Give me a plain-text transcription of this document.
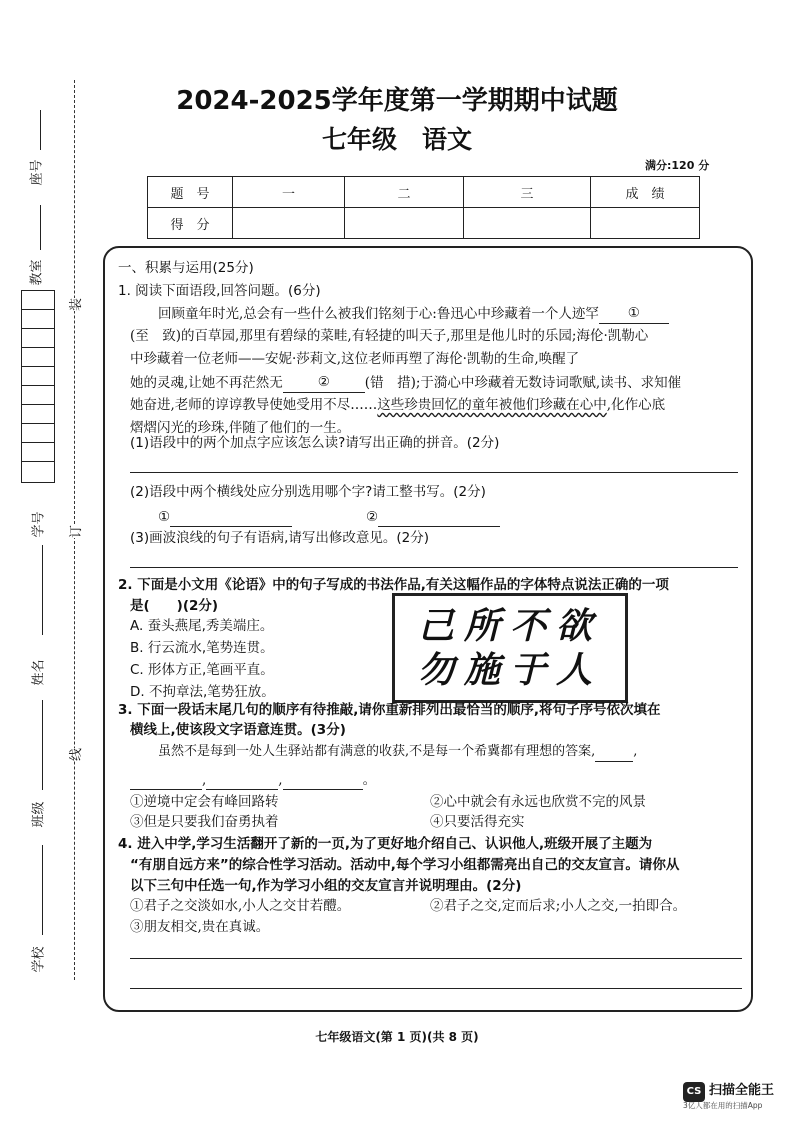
座号
教室
学号
姓名
班级
学校
装
订
线
2024-2025学年度第一学期期中试题
七年级　语文
满分:120 分
题　号	一	二	三	成　绩
得　分				
一、积累与运用(25分)
1. 阅读下面语段,回答问题。(6分)
回顾童年时光,总会有一些什么被我们铭刻于心:鲁迅心中珍藏着一个人迹罕 ①
(至　致)的百草园,那里有碧绿的菜畦,有轻捷的叫天子,那里是他儿时的乐园;海伦·凯勒心
中珍藏着一位老师——安妮·莎莉文,这位老师再塑了海伦·凯勒的生命,唤醒了
她的灵魂,让她不再茫然无	②	(错　措);于漪心中珍藏着无数诗词歌赋,读书、求知催
她奋进,老师的谆谆教导使她受用不尽……这些珍贵回忆的童年被他们珍藏在心中,化作心底
熠熠闪光的珍珠,伴随了他们的一生。
(1)语段中的两个加点字应该怎么读?请写出正确的拼音。(2分)
(2)语段中两个横线处应分别选用哪个字?请工整书写。(2分)
①	②
(3)画波浪线的句子有语病,请写出修改意见。(2分)
2. 下面是小文用《论语》中的句子写成的书法作品,有关这幅作品的字体特点说法正确的一项
是(　　)(2分)
A. 蚕头燕尾,秀美端庄。
B. 行云流水,笔势连贯。
C. 形体方正,笔画平直。
D. 不拘章法,笔势狂放。
己所不欲
勿施于人
3. 下面一段话末尾几句的顺序有待推敲,请你重新排列出最恰当的顺序,将句子序号依次填在
横线上,使该段文字语意连贯。(3分)
虽然不是每到一处人生驿站都有满意的收获,不是每一个希冀都有理想的答案,	,
,	,	。
①逆境中定会有峰回路转	②心中就会有永远也欣赏不完的风景
③但是只要我们奋勇执着	④只要活得充实
4. 进入中学,学习生活翻开了新的一页,为了更好地介绍自己、认识他人,班级开展了主题为
“有朋自远方来”的综合性学习活动。活动中,每个学习小组都需亮出自己的交友宣言。请你从
以下三句中任选一句,作为学习小组的交友宣言并说明理由。(2分)
①君子之交淡如水,小人之交甘若醴。	②君子之交,定而后求;小人之交,一拍即合。
③朋友相交,贵在真诚。
七年级语文(第 1 页)(共 8 页)
CS 扫描全能王
3亿人都在用的扫描App
